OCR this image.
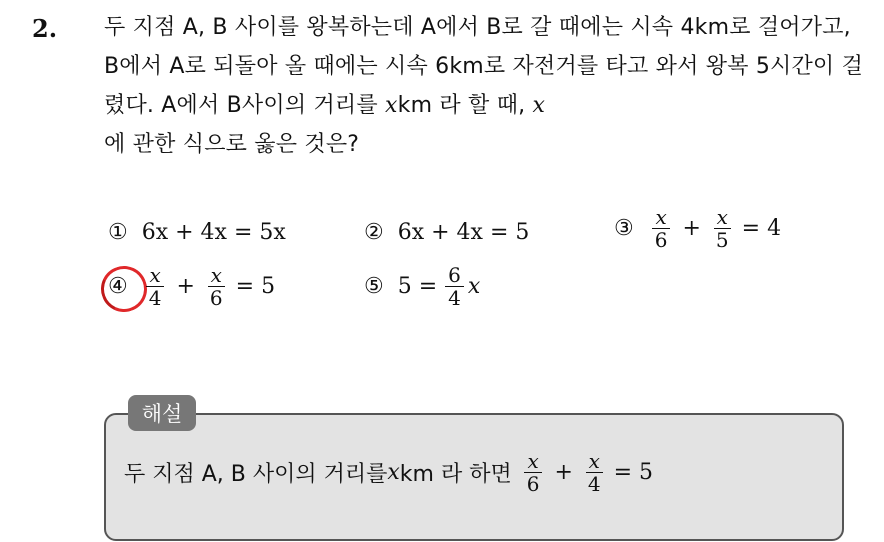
2. 두 지점 A, B 사이를 왕복하는데 A에서 B로 갈 때에는 시속 4km로 걸어가고, B에서 A로 되돌아 올 때에는 시속 6km로 자전거를 타고 와서 왕복 5시간이 걸렸다. A에서 B사이의 거리를 xkm 라 할 때, x
에 관한 식으로 옳은 것은?
① 6x + 4x = 5x	② 6x + 4x = 5	③ $\frac{x}{6} + \frac{x}{5} = 4$
④ $\frac{x}{4} + \frac{x}{6} = 5$	⑤ $5 = \frac{6}{4}$ x
해설
두 지점 A, B 사이의 거리를 x km 라 하면 $\frac{x}{6} + \frac{x}{4} = 5$
